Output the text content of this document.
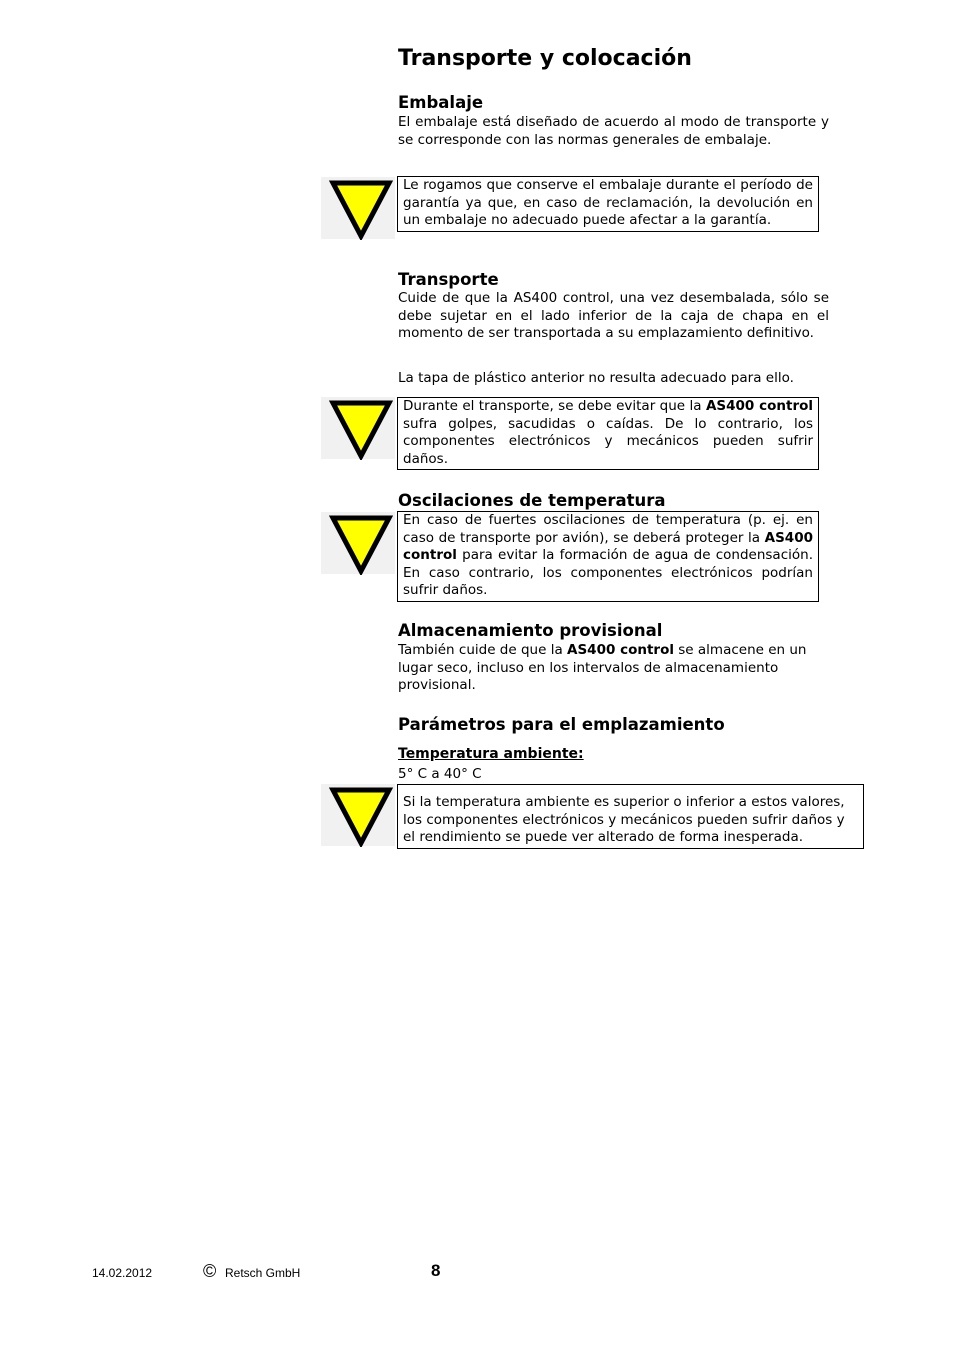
Transporte y colocación
Embalaje

El embalaje está diseñado de acuerdo al modo de transporte y se corresponde con las normas generales de embalaje.

Le rogamos que conserve el embalaje durante el período de garantía ya que, en caso de reclamación, la devolución en un embalaje no adecuado puede afectar a la garantía.
Transporte

Cuide de que la AS400 control, una vez desembalada, sólo se debe sujetar en el lado inferior de la caja de chapa en el momento de ser transportada a su emplazamiento definitivo.

La tapa de plástico anterior no resulta adecuado para ello.

Durante el transporte, se debe evitar que la AS400 control sufra golpes, sacudidas o caídas. De lo contrario, los componentes electrónicos y mecánicos pueden sufrir daños.
Oscilaciones de temperatura
En caso de fuertes oscilaciones de temperatura (p. ej. en caso de transporte por avión), se deberá proteger la AS400 control para evitar la formación de agua de condensación. En caso contrario, los componentes electrónicos podrían sufrir daños.
Almacenamiento provisional

También cuide de que la AS400 control se almacene en un lugar seco, incluso en los intervalos de almacenamiento provisional.

Parámetros para el emplazamiento
Temperatura ambiente:

5° C a 40° C

Si la temperatura ambiente es superior o inferior a estos valores, los componentes electrónicos y mecánicos pueden sufrir daños y el rendimiento se puede ver alterado de forma inesperada.
14.02.2012	© Retsch GmbH	8
